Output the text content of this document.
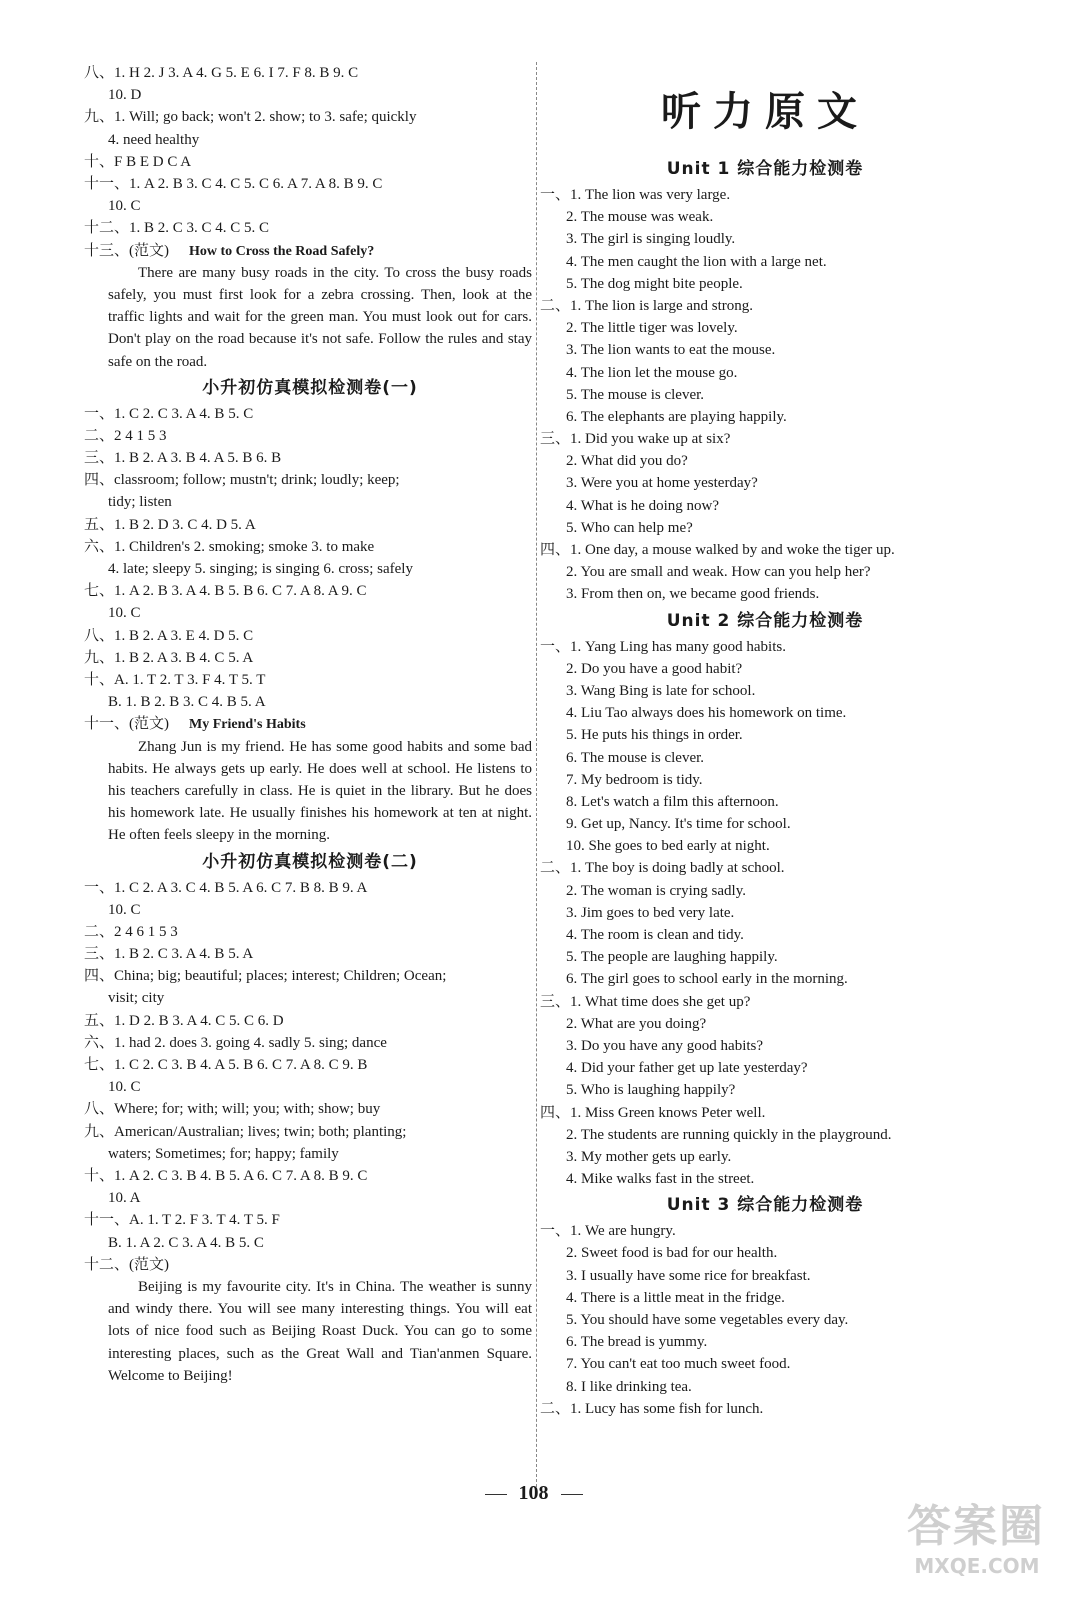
八、1. H 2. J 3. A 4. G 5. E 6. I 7. F 8. B 9. C
10. D
九、1. Will; go back; won't 2. show; to 3. safe; quickly
4. need healthy
十、F B E D C A
十一、1. A 2. B 3. C 4. C 5. C 6. A 7. A 8. B 9. C
10. C
十二、1. B 2. C 3. C 4. C 5. C
十三、(范文) How to Cross the Road Safely?
There are many busy roads in the city. To cross the busy roads safely, you must first look for a zebra crossing. Then, look at the traffic lights and wait for the green man. You must look out for cars. Don't play on the road because it's not safe. Follow the rules and stay safe on the road.
小升初仿真模拟检测卷(一)
一、1. C 2. C 3. A 4. B 5. C
二、2 4 1 5 3
三、1. B 2. A 3. B 4. A 5. B 6. B
四、classroom; follow; mustn't; drink; loudly; keep;
tidy; listen
五、1. B 2. D 3. C 4. D 5. A
六、1. Children's 2. smoking; smoke 3. to make
4. late; sleepy 5. singing; is singing 6. cross; safely
七、1. A 2. B 3. A 4. B 5. B 6. C 7. A 8. A 9. C
10. C
八、1. B 2. A 3. E 4. D 5. C
九、1. B 2. A 3. B 4. C 5. A
十、A. 1. T 2. T 3. F 4. T 5. T
B. 1. B 2. B 3. C 4. B 5. A
十一、(范文) My Friend's Habits
Zhang Jun is my friend. He has some good habits and some bad habits. He always gets up early. He does well at school. He listens to his teachers carefully in class. He is quiet in the library. But he does his homework late. He usually finishes his homework at ten at night. He often feels sleepy in the morning.
小升初仿真模拟检测卷(二)
一、1. C 2. A 3. C 4. B 5. A 6. C 7. B 8. B 9. A
10. C
二、2 4 6 1 5 3
三、1. B 2. C 3. A 4. B 5. A
四、China; big; beautiful; places; interest; Children; Ocean;
visit; city
五、1. D 2. B 3. A 4. C 5. C 6. D
六、1. had 2. does 3. going 4. sadly 5. sing; dance
七、1. C 2. C 3. B 4. A 5. B 6. C 7. A 8. C 9. B
10. C
八、Where; for; with; will; you; with; show; buy
九、American/Australian; lives; twin; both; planting;
waters; Sometimes; for; happy; family
十、1. A 2. C 3. B 4. B 5. A 6. C 7. A 8. B 9. C
10. A
十一、A. 1. T 2. F 3. T 4. T 5. F
B. 1. A 2. C 3. A 4. B 5. C
十二、(范文)
Beijing is my favourite city. It's in China. The weather is sunny and windy there. You will see many interesting things. You will eat lots of nice food such as Beijing Roast Duck. You can go to some interesting places, such as the Great Wall and Tian'anmen Square. Welcome to Beijing!
听力原文
Unit 1 综合能力检测卷
一、1. The lion was very large.
2. The mouse was weak.
3. The girl is singing loudly.
4. The men caught the lion with a large net.
5. The dog might bite people.
二、1. The lion is large and strong.
2. The little tiger was lovely.
3. The lion wants to eat the mouse.
4. The lion let the mouse go.
5. The mouse is clever.
6. The elephants are playing happily.
三、1. Did you wake up at six?
2. What did you do?
3. Were you at home yesterday?
4. What is he doing now?
5. Who can help me?
四、1. One day, a mouse walked by and woke the tiger up.
2. You are small and weak. How can you help her?
3. From then on, we became good friends.
Unit 2 综合能力检测卷
一、1. Yang Ling has many good habits.
2. Do you have a good habit?
3. Wang Bing is late for school.
4. Liu Tao always does his homework on time.
5. He puts his things in order.
6. The mouse is clever.
7. My bedroom is tidy.
8. Let's watch a film this afternoon.
9. Get up, Nancy. It's time for school.
10. She goes to bed early at night.
二、1. The boy is doing badly at school.
2. The woman is crying sadly.
3. Jim goes to bed very late.
4. The room is clean and tidy.
5. The people are laughing happily.
6. The girl goes to school early in the morning.
三、1. What time does she get up?
2. What are you doing?
3. Do you have any good habits?
4. Did your father get up late yesterday?
5. Who is laughing happily?
四、1. Miss Green knows Peter well.
2. The students are running quickly in the playground.
3. My mother gets up early.
4. Mike walks fast in the street.
Unit 3 综合能力检测卷
一、1. We are hungry.
2. Sweet food is bad for our health.
3. I usually have some rice for breakfast.
4. There is a little meat in the fridge.
5. You should have some vegetables every day.
6. The bread is yummy.
7. You can't eat too much sweet food.
8. I like drinking tea.
二、1. Lucy has some fish for lunch.
108
答案圈
MXQE.COM
